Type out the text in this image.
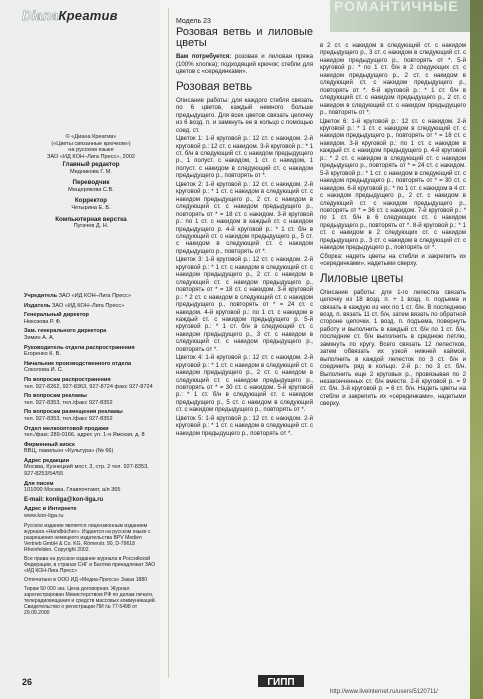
DianaКреатив
© «Диана Креатив»
(«Цветы связанные крючком»)
на русском языке
ЗАО «ИД КОН–Лига Пресс», 2002
Главный редактор
Медникова Г. М.
Переводчик
Мещерякова С.В.
Корректор
Четырина Е. Б.
Компьютерная верстка
Пугачев Д. Н.
Учредитель ЗАО «ИД КОН–Лига Пресс»
Издатель ЗАО «ИД КОН–Лига Пресс»
Генеральный директор
Некозова Р. Ф.
Зам. генерального директора
Зимин А. А.
Руководитель отдела распространения
Егоренко К. В.
Начальник производственного отдела
Соколова И. С.
По вопросам распространения
тел. 927-8262, 927-8363, 927-8724 факс 927-8724
По вопросам рекламы
тел. 927-8353, тел./факс 927-8352
По вопросам размещения рекламы
тел. 927-8353, тел./факс 927-8352
Отдел мелкооптовой продажи
тел./факс 289-0166, адрес ул. 1-я Ямская, д. 8
Фирменный киоск
ВВЦ, павильон «Культура» (№ 66)
Адрес редакции
Москва, Кузнецкий мост, 3, стр. 2 тел. 927-8353, 927-8253/54/55
Для писем
101000 Москва, Главпочтамт, а/я 365
E-mail: konliga@kon-liga.ru
Адрес в Интернете
www.kon-liga.ru
Русское издание является лицензионным изданием журнала «Handbücher». Издается на русском языке с разрешения немецкого издательства BPV Medien Vertrieb GmbH & Co. KG, Römerstr. 90, D-79618 Rheinfelden. Copyright 2002.
Все права на русское издание журнала в Российской Федерации, в странах СНГ и Балтии принадлежат ЗАО «ИД КОН-Лига Пресс»
Отпечатано в ООО ИД «Медиа-Пресса» Заказ 1880
Тираж 50 000 экз. Цена договорная. Журнал зарегистрирован Министерством РФ по делам печати, телерадиовещания и средств массовых коммуникаций. Свидетельство о регистрации ПИ № 77-5498 от 29.09.2000
26	ГИПП
РОМАНТИЧНЫЕ
Модель 23
Розовая ветвь и лиловые цветы

Вам потребуется: розовая и лиловая пряжа (100% хлопка); подходящий крючок; стебли для цветов с «серединками».

Розовая ветвь

Описание работы: для каждого стебля связать по 6 цветов, каждый немного больше предыдущего. Для всех цветов связать цепочку из 6 возд. п. и замкнуть ее в кольцо с помощью соед. ст.

Цветок 1: 1-й круговой р.: 12 ст. с накидом. 2-й круговой р.: 12 ст. с накидом. 3-й круговой р.: * 1 ст. б/н в следующий ст. с накидом предыдущего р., 1 полуст. с накидом, 1 ст. с накидом, 1 полуст. с накидом в следующий ст. с накидом предыдущего р., повторять от *.

Цветок 2: 1-й круговой р.: 12 ст. с накидом. 2-й круговой р.: * 1 ст. с накидом в следующий ст. с накидом предыдущего р., 2 ст. с накидом в следующий ст. с накидом предыдущего р., повторять от * = 18 ст. с накидом. 3-й круговой р.: по 1 ст. с накидом в каждый ст. с накидом предыдущего р. 4-й круговой р.: * 1 ст. б/н в следующий ст. с накидом предыдущего р., 5 ст. с накидом в следующий ст. с накидом предыдущего р., повторять от *.

Цветок 3: 1-й круговой р.: 12 ст. с накидом. 2-й круговой р.: * 1 ст. с накидом в следующий ст. с накидом предыдущего р., 2 ст. с накидом в следующий ст. с накидом предыдущего р., повторять от * = 18 ст. с накидом. 3-й круговой р.: * 2 ст. с накидом в следующий ст. с накидом предыдущего р., повторять от * = 24 ст. с накидом. 4-й круговой р.: по 1 ст. с накидом в каждый ст. с накидом предыдущего р. 5-й круговой р.: * 1 ст. б/н в следующий ст. с накидом предыдущего р., 3 ст. с накидом в следующий ст. с накидом предыдущего р., повторять от *.

Цветок 4: 1-й круговой р.: 12 ст. с накидом. 2-й круговой р.: * 1 ст. с накидом в следующий ст. с накидом предыдущего р., 2 ст. с накидом в следующий ст. с накидом предыдущего р., повторять от * = 30 ст. с накидом. 5-й круговой р.: * 1 ст. б/н в следующий ст. с накидом предыдущего р., 5 ст. с накидом в следующий ст. с накидом предыдущего р., повторять от *.

Цветок 5: 1-й круговой р.: 12 ст. с накидом. 2-й круговой р.: * 1 ст. с накидом в следующий ст. с накидом предыдущего р., повторять от *.

в 2 ст. с накидом в следующий ст. с накидом предыдущего р., 3 ст. с накидом в следующий ст. с накидом предыдущего р., повторять от *. 5-й круговой р.: * по 1 ст. б/н в 2 следующих ст. с накидом предыдущего р., 2 ст. с накидом в следующий ст. с накидом предыдущего р., повторять от *. 6-й круговой р.: * 1 ст. б/н в следующий ст. с накидом предыдущего р., 2 ст. с накидом в следующий ст. с накидом предыдущего р., повторять от *.

Цветок 6: 1-й круговой р.: 12 ст. с накидом. 2-й круговой р.: * 1 ст. с накидом в следующий ст. с накидом предыдущего р., повторять от * = 18 ст. с накидом. 3-й круговой р.: по 1 ст. с накидом в каждый ст. с накидом предыдущего р. 4-й круговой р.: * 2 ст. с накидом в следующий ст. с накидом предыдущего р., повторять от * = 24 ст. с накидом. 5-й круговой р.: * 1 ст. с накидом в следующий ст. с накидом предыдущего р., повторять от * = 30 ст. с накидом. 6-й круговой р.: * по 1 ст. с накидом в 4 ст. с накидом предыдущего р., 2 ст. с накидом в следующий ст. с накидом предыдущего р., повторять от * = 36 ст. с накидом. 7-й круговой р.: * по 1 ст. б/н в 6 следующих ст. с накидом предыдущего р., повторять от *. 8-й круговой р.: * 1 ст. с накидом в 2 следующих ст. с накидом предыдущего р., 3 ст. с накидом в следующий ст. с накидом предыдущего р., повторять от *.

Сборка: надеть цветы на стебли и закрепить их «серединками», надетыми сверху.

Лиловые цветы

Описание работы: для 1-го лепестка связать цепочку из 18 возд. п. + 1 возд. п. подъема и связать в каждую из них по 1 ст. б/н. В последнюю возд. п. вязать 11 ст. б/н, затем вязать по обратной стороне цепочки. 1 возд. п. подъема, повернуть работу и выполнить в каждый ст. б/н по 1 ст. б/н, последние ст. б/н выполнить в среднюю петлю, замкнуть по кругу. Всего связать 12 лепестков, затем обвязать их узкой нижней каймой, выполнить в каждой лепесток по 3 ст. б/н и соединить ряд в кольцо. 2-й р.: по 3 ст. б/н. Выполнить еще 2 круговых р., провязывая по 2 незаконченных ст. б/н вместе. 2-й круговой р. = 9 ст. б/н. 3-й круговой р. = 6 ст. б/н. Надеть цветы на стебли и закрепить их «серединками», надетыми сверху.

http://www.liveinternet.ru/users/5120711/
